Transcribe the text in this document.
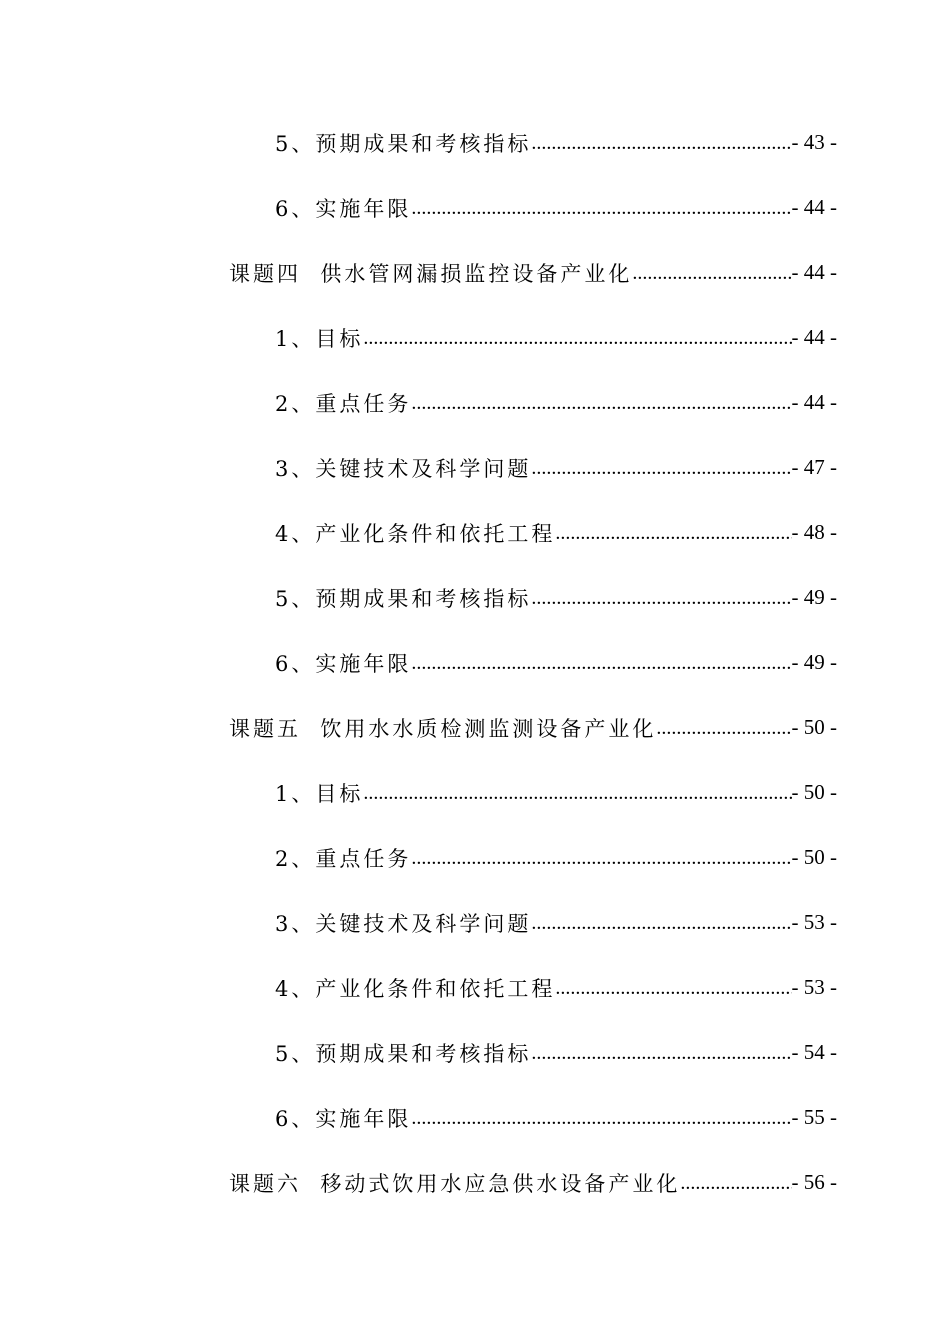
5、预期成果和考核指标 .....	- 43 -
6、实施年限 .....	- 44 -
课题四  供水管网漏损监控设备产业化 .....	- 44 -
1、目标 .....	- 44 -
2、重点任务 .....	- 44 -
3、关键技术及科学问题 .....	- 47 -
4、产业化条件和依托工程 .....	- 48 -
5、预期成果和考核指标 .....	- 49 -
6、实施年限 .....	- 49 -
课题五  饮用水水质检测监测设备产业化 .....	- 50 -
1、目标 .....	- 50 -
2、重点任务 .....	- 50 -
3、关键技术及科学问题 .....	- 53 -
4、产业化条件和依托工程 .....	- 53 -
5、预期成果和考核指标 .....	- 54 -
6、实施年限 .....	- 55 -
课题六  移动式饮用水应急供水设备产业化 .....	- 56 -
